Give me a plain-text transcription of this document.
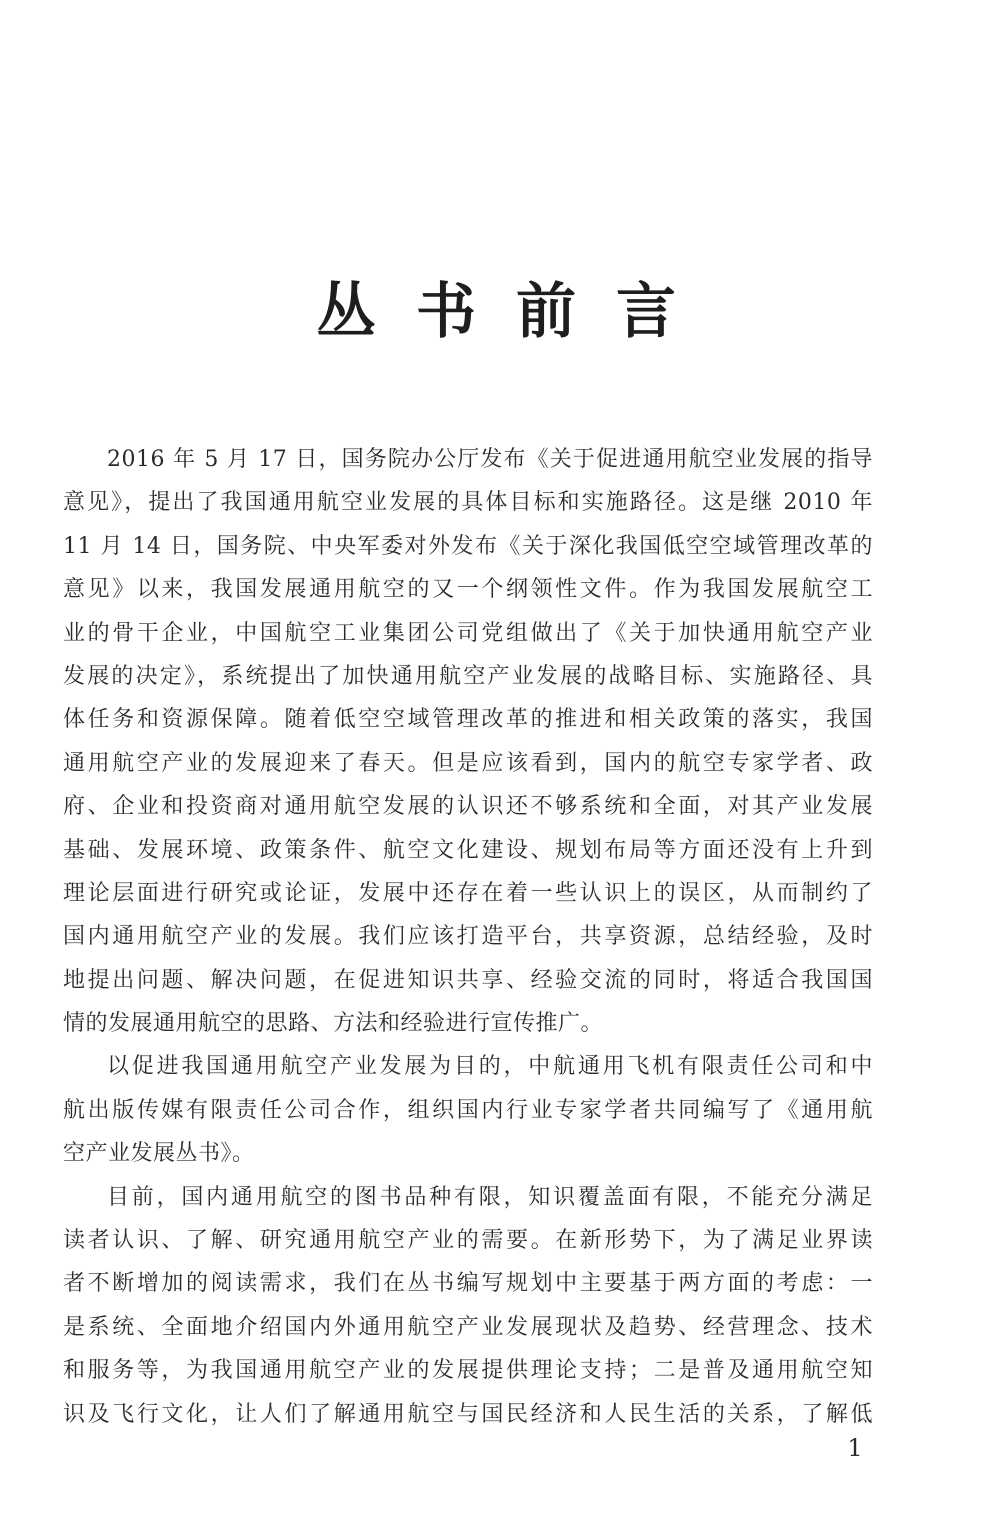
丛书前言
2016 年 5 月 17 日，国务院办公厅发布《关于促进通用航空业发展的指导
意见》，提出了我国通用航空业发展的具体目标和实施路径。这是继 2010 年
11 月 14 日，国务院、中央军委对外发布《关于深化我国低空空域管理改革的
意见》以来，我国发展通用航空的又一个纲领性文件。作为我国发展航空工
业的骨干企业，中国航空工业集团公司党组做出了《关于加快通用航空产业
发展的决定》，系统提出了加快通用航空产业发展的战略目标、实施路径、具
体任务和资源保障。随着低空空域管理改革的推进和相关政策的落实，我国
通用航空产业的发展迎来了春天。但是应该看到，国内的航空专家学者、政
府、企业和投资商对通用航空发展的认识还不够系统和全面，对其产业发展
基础、发展环境、政策条件、航空文化建设、规划布局等方面还没有上升到
理论层面进行研究或论证，发展中还存在着一些认识上的误区，从而制约了
国内通用航空产业的发展。我们应该打造平台，共享资源，总结经验，及时
地提出问题、解决问题，在促进知识共享、经验交流的同时，将适合我国国
情的发展通用航空的思路、方法和经验进行宣传推广。
以促进我国通用航空产业发展为目的，中航通用飞机有限责任公司和中
航出版传媒有限责任公司合作，组织国内行业专家学者共同编写了《通用航
空产业发展丛书》。
目前，国内通用航空的图书品种有限，知识覆盖面有限，不能充分满足
读者认识、了解、研究通用航空产业的需要。在新形势下，为了满足业界读
者不断增加的阅读需求，我们在丛书编写规划中主要基于两方面的考虑：一
是系统、全面地介绍国内外通用航空产业发展现状及趋势、经营理念、技术
和服务等，为我国通用航空产业的发展提供理论支持；二是普及通用航空知
识及飞行文化，让人们了解通用航空与国民经济和人民生活的关系，了解低
1
